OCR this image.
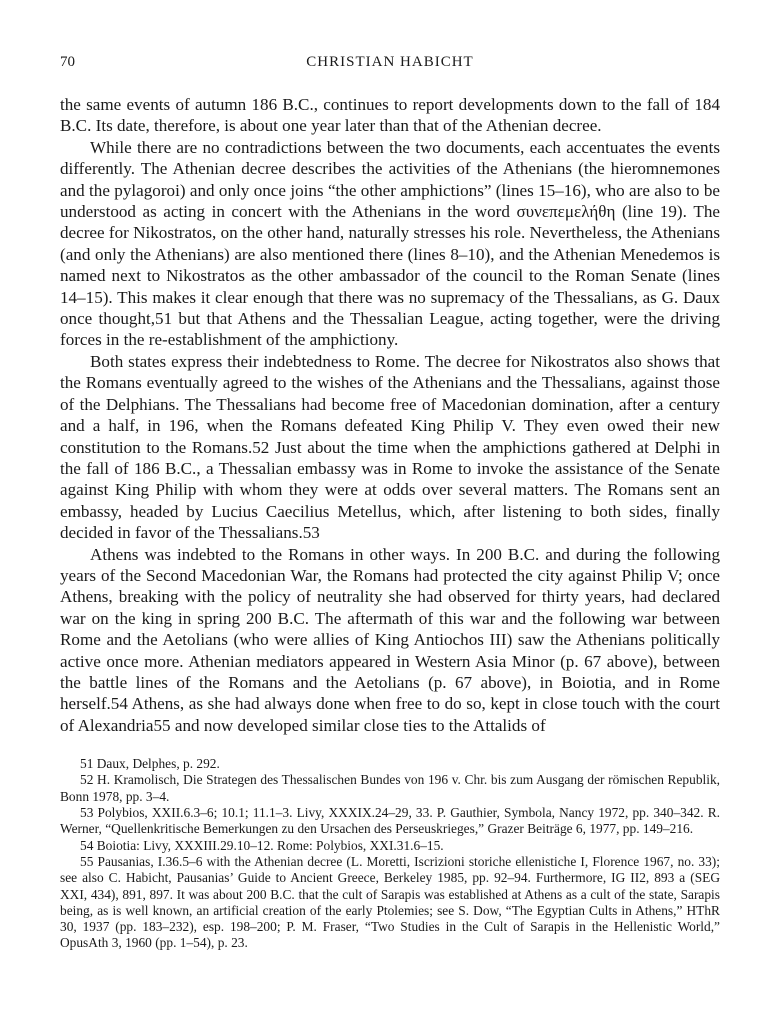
70	CHRISTIAN HABICHT

the same events of autumn 186 B.C., continues to report developments down to the fall of 184 B.C. Its date, therefore, is about one year later than that of the Athenian decree.

While there are no contradictions between the two documents, each accentuates the events differently. The Athenian decree describes the activities of the Athenians (the hieromnemones and the pylagoroi) and only once joins “the other amphictions” (lines 15–16), who are also to be understood as acting in concert with the Athenians in the word συνεπεμελήθη (line 19). The decree for Nikostratos, on the other hand, naturally stresses his role. Nevertheless, the Athenians (and only the Athenians) are also mentioned there (lines 8–10), and the Athenian Menedemos is named next to Nikostratos as the other ambassador of the council to the Roman Senate (lines 14–15). This makes it clear enough that there was no supremacy of the Thessalians, as G. Daux once thought,51 but that Athens and the Thessalian League, acting together, were the driving forces in the re-establishment of the amphictiony.

Both states express their indebtedness to Rome. The decree for Nikostratos also shows that the Romans eventually agreed to the wishes of the Athenians and the Thessalians, against those of the Delphians. The Thessalians had become free of Macedonian domination, after a century and a half, in 196, when the Romans defeated King Philip V. They even owed their new constitution to the Romans.52 Just about the time when the amphictions gathered at Delphi in the fall of 186 B.C., a Thessalian embassy was in Rome to invoke the assistance of the Senate against King Philip with whom they were at odds over several matters. The Romans sent an embassy, headed by Lucius Caecilius Metellus, which, after listening to both sides, finally decided in favor of the Thessalians.53

Athens was indebted to the Romans in other ways. In 200 B.C. and during the following years of the Second Macedonian War, the Romans had protected the city against Philip V; once Athens, breaking with the policy of neutrality she had observed for thirty years, had declared war on the king in spring 200 B.C. The aftermath of this war and the following war between Rome and the Aetolians (who were allies of King Antiochos III) saw the Athenians politically active once more. Athenian mediators appeared in Western Asia Minor (p. 67 above), between the battle lines of the Romans and the Aetolians (p. 67 above), in Boiotia, and in Rome herself.54 Athens, as she had always done when free to do so, kept in close touch with the court of Alexandria55 and now developed similar close ties to the Attalids of

51 Daux, Delphes, p. 292.

52 H. Kramolisch, Die Strategen des Thessalischen Bundes von 196 v. Chr. bis zum Ausgang der römischen Republik, Bonn 1978, pp. 3–4.

53 Polybios, XXII.6.3–6; 10.1; 11.1–3. Livy, XXXIX.24–29, 33. P. Gauthier, Symbola, Nancy 1972, pp. 340–342. R. Werner, “Quellenkritische Bemerkungen zu den Ursachen des Perseuskrieges,” Grazer Beiträge 6, 1977, pp. 149–216.

54 Boiotia: Livy, XXXIII.29.10–12. Rome: Polybios, XXI.31.6–15.

55 Pausanias, I.36.5–6 with the Athenian decree (L. Moretti, Iscrizioni storiche ellenistiche I, Florence 1967, no. 33); see also C. Habicht, Pausanias’ Guide to Ancient Greece, Berkeley 1985, pp. 92–94. Furthermore, IG II2, 893 a (SEG XXI, 434), 891, 897. It was about 200 B.C. that the cult of Sarapis was established at Athens as a cult of the state, Sarapis being, as is well known, an artificial creation of the early Ptolemies; see S. Dow, “The Egyptian Cults in Athens,” HThR 30, 1937 (pp. 183–232), esp. 198–200; P. M. Fraser, “Two Studies in the Cult of Sarapis in the Hellenistic World,” OpusAth 3, 1960 (pp. 1–54), p. 23.
